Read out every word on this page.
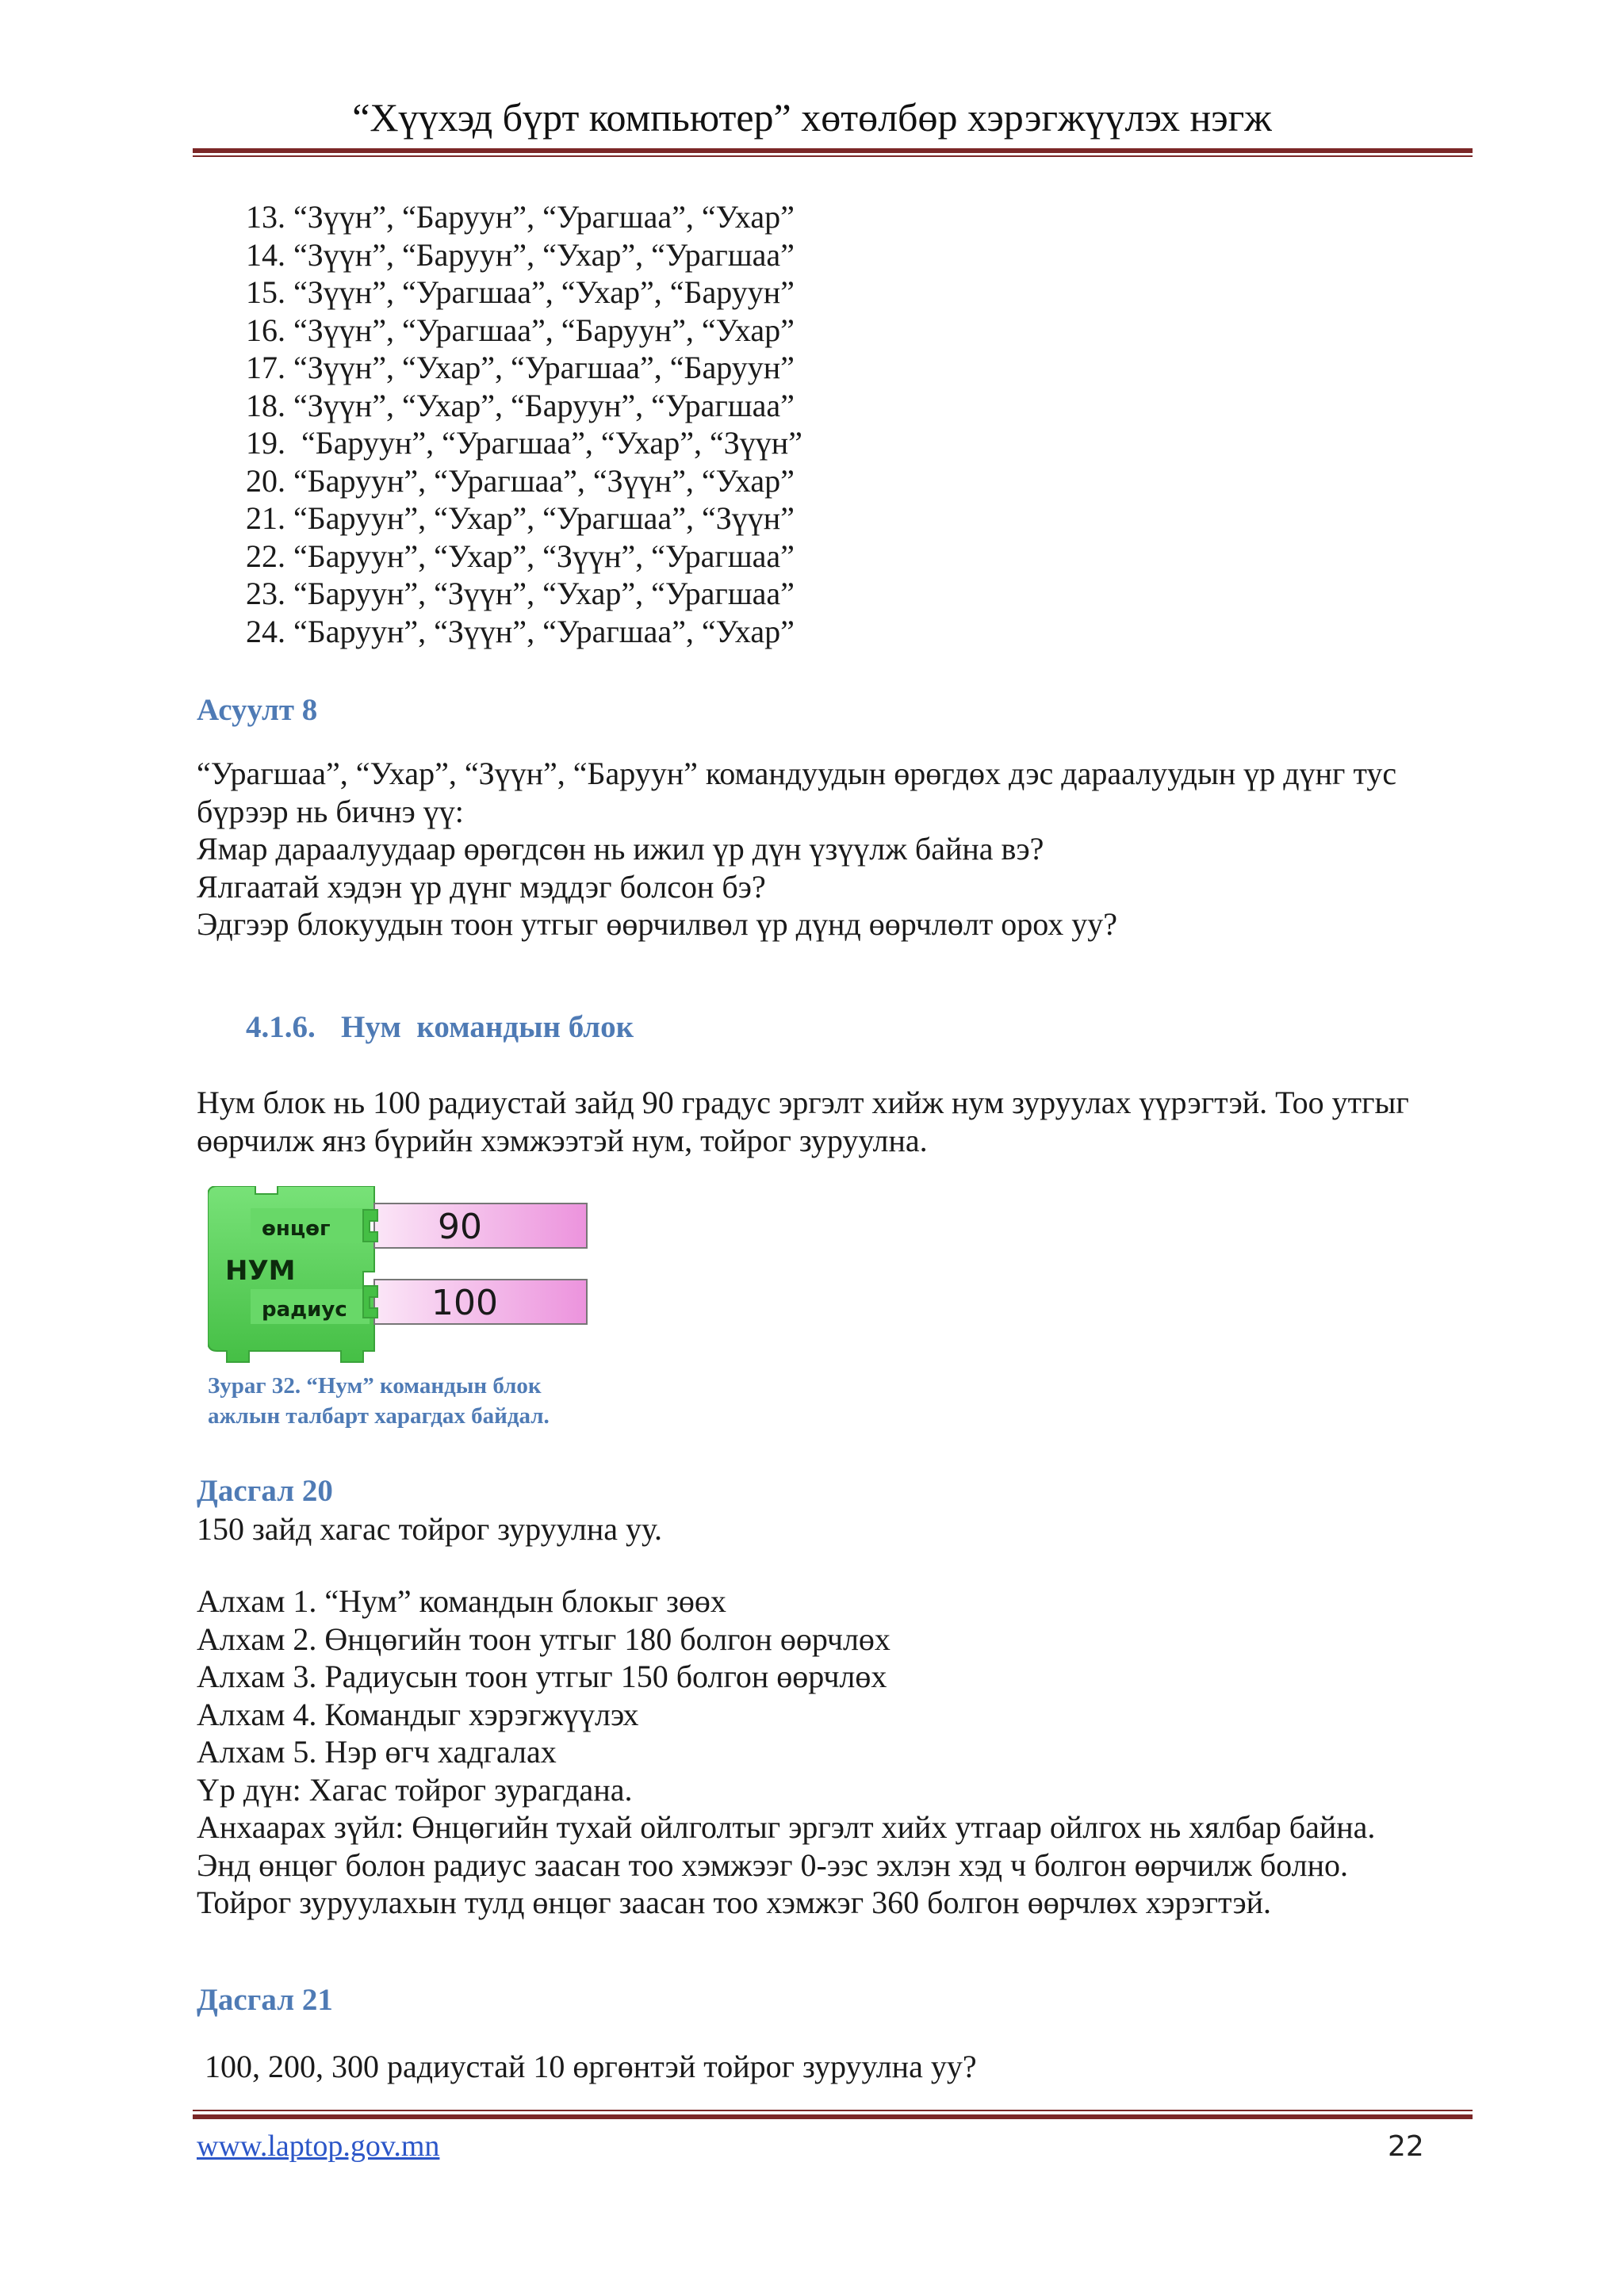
“Хүүхэд бүрт компьютер” хөтөлбөр хэрэгжүүлэх нэгж
13. “Зүүн”, “Баруун”, “Урагшаа”, “Ухар”
14. “Зүүн”, “Баруун”, “Ухар”, “Урагшаа”
15. “Зүүн”, “Урагшаа”, “Ухар”, “Баруун”
16. “Зүүн”, “Урагшаа”, “Баруун”, “Ухар”
17. “Зүүн”, “Ухар”, “Урагшаа”, “Баруун”
18. “Зүүн”, “Ухар”, “Баруун”, “Урагшаа”
19.  “Баруун”, “Урагшаа”, “Ухар”, “Зүүн”
20. “Баруун”, “Урагшаа”, “Зүүн”, “Ухар”
21. “Баруун”, “Ухар”, “Урагшаа”, “Зүүн”
22. “Баруун”, “Ухар”, “Зүүн”, “Урагшаа”
23. “Баруун”, “Зүүн”, “Ухар”, “Урагшаа”
24. “Баруун”, “Зүүн”, “Урагшаа”, “Ухар”
Асуулт 8
“Урагшаа”, “Ухар”, “Зүүн”, “Баруун” командуудын өрөгдөх дэс дараалуудын үр дүнг тус
бүрээр нь бичнэ үү:
Ямар дараалуудаар өрөгдсөн нь ижил үр дүн үзүүлж байна вэ?
Ялгаатай хэдэн үр дүнг мэддэг болсон бэ?
Эдгээр блокуудын тоон утгыг өөрчилвөл үр дүнд өөрчлөлт орох уу?
4.1.6. Нум  командын блок
Нум блок нь 100 радиустай зайд 90 градус эргэлт хийж нум зуруулах үүрэгтэй. Тоо утгыг
өөрчилж янз бүрийн хэмжээтэй нум, тойрог зуруулна.
өнцөг
НУМ
радиус
90
100
Зураг 32. “Нум” командын блок
ажлын талбарт харагдах байдал.
Дасгал 20
150 зайд хагас тойрог зуруулна уу.
Алхам 1. “Нум” командын блокыг зөөх
Алхам 2. Өнцөгийн тоон утгыг 180 болгон өөрчлөх
Алхам 3. Радиусын тоон утгыг 150 болгон өөрчлөх
Алхам 4. Командыг хэрэгжүүлэх
Алхам 5. Нэр өгч хадгалах
Үр дүн: Хагас тойрог зурагдана.
Анхаарах зүйл: Өнцөгийн тухай ойлголтыг эргэлт хийх утгаар ойлгох нь хялбар байна.
Энд өнцөг болон радиус заасан тоо хэмжээг 0-ээс эхлэн хэд ч болгон өөрчилж болно.
Тойрог зуруулахын тулд өнцөг заасан тоо хэмжэг 360 болгон өөрчлөх хэрэгтэй.
Дасгал 21
100, 200, 300 радиустай 10 өргөнтэй тойрог зуруулна уу?
www.laptop.gov.mn	22
